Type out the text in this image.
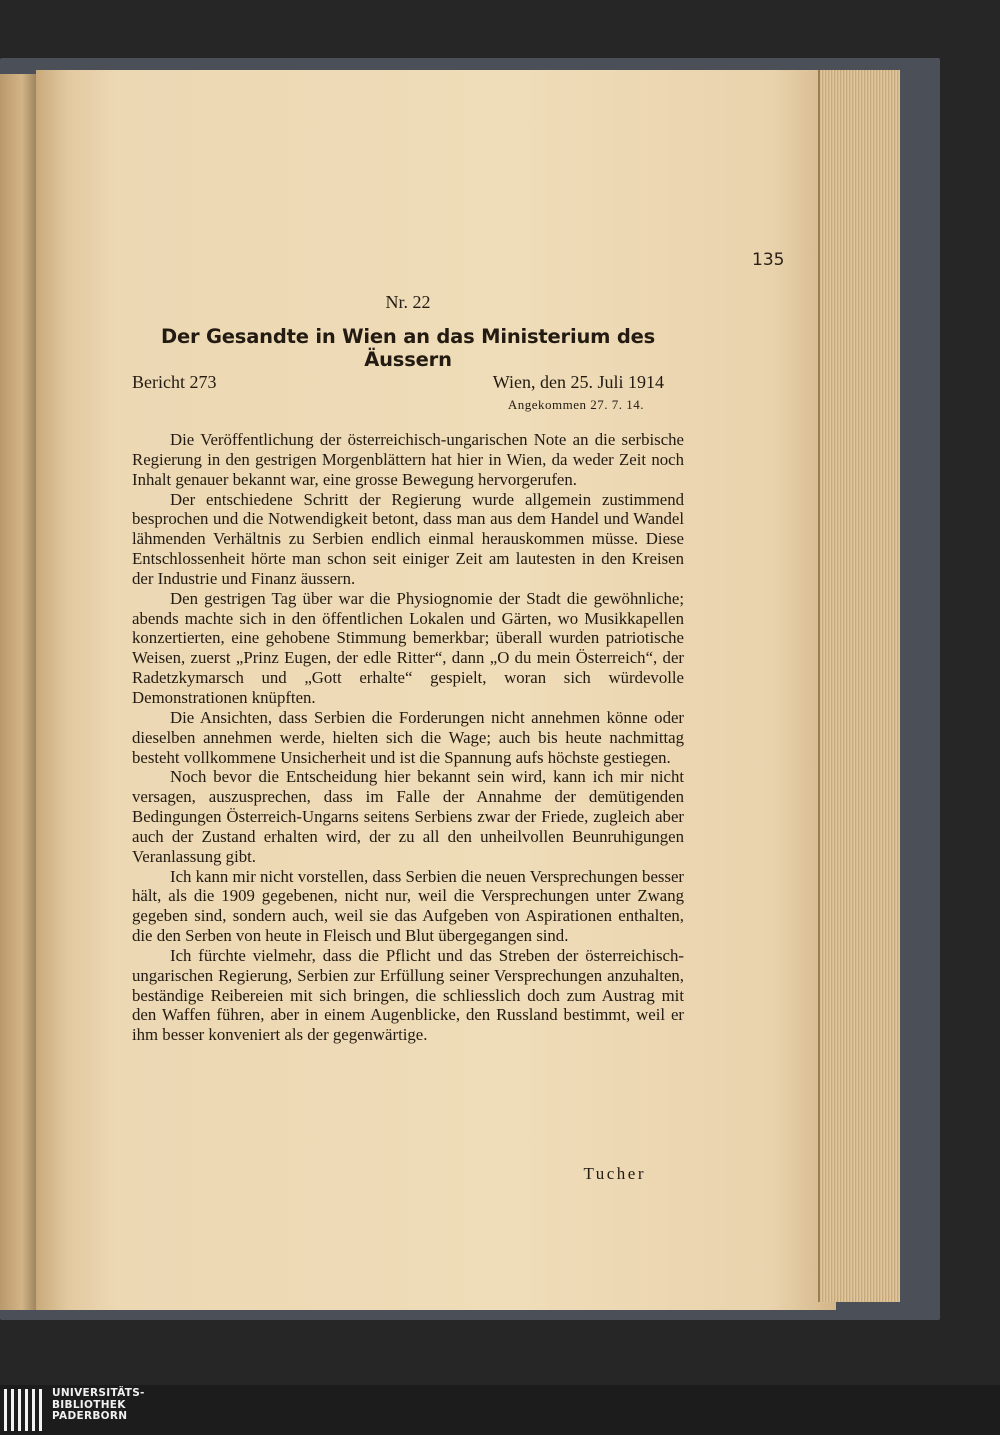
135
Nr. 22
Der Gesandte in Wien an das Ministerium des Äussern
Bericht 273	Wien, den 25. Juli 1914
Angekommen 27. 7. 14.

Die Veröffentlichung der österreichisch-ungarischen Note an die serbische Regierung in den gestrigen Morgenblättern hat hier in Wien, da weder Zeit noch Inhalt genauer bekannt war, eine grosse Bewegung hervorgerufen.

Der entschiedene Schritt der Regierung wurde allgemein zustimmend besprochen und die Notwendigkeit betont, dass man aus dem Handel und Wandel lähmenden Verhältnis zu Serbien endlich einmal herauskommen müsse. Diese Entschlossenheit hörte man schon seit einiger Zeit am lautesten in den Kreisen der Industrie und Finanz äussern.

Den gestrigen Tag über war die Physiognomie der Stadt die gewöhnliche; abends machte sich in den öffentlichen Lokalen und Gärten, wo Musikkapellen konzertierten, eine gehobene Stimmung bemerkbar; überall wurden patriotische Weisen, zuerst „Prinz Eugen, der edle Ritter“, dann „O du mein Österreich“, der Radetzkymarsch und „Gott erhalte“ gespielt, woran sich würdevolle Demonstrationen knüpften.

Die Ansichten, dass Serbien die Forderungen nicht annehmen könne oder dieselben annehmen werde, hielten sich die Wage; auch bis heute nachmittag besteht vollkommene Unsicherheit und ist die Spannung aufs höchste gestiegen.

Noch bevor die Entscheidung hier bekannt sein wird, kann ich mir nicht versagen, auszusprechen, dass im Falle der Annahme der demütigenden Bedingungen Österreich-Ungarns seitens Serbiens zwar der Friede, zugleich aber auch der Zustand erhalten wird, der zu all den unheilvollen Beunruhigungen Veranlassung gibt.

Ich kann mir nicht vorstellen, dass Serbien die neuen Versprechungen besser hält, als die 1909 gegebenen, nicht nur, weil die Versprechungen unter Zwang gegeben sind, sondern auch, weil sie das Aufgeben von Aspirationen enthalten, die den Serben von heute in Fleisch und Blut übergegangen sind.

Ich fürchte vielmehr, dass die Pflicht und das Streben der österreichisch-ungarischen Regierung, Serbien zur Erfüllung seiner Versprechungen anzuhalten, beständige Reibereien mit sich bringen, die schliesslich doch zum Austrag mit den Waffen führen, aber in einem Augenblicke, den Russland bestimmt, weil er ihm besser konveniert als der gegenwärtige.

Tucher
UNIVERSITÄTS-
BIBLIOTHEK
PADERBORN
